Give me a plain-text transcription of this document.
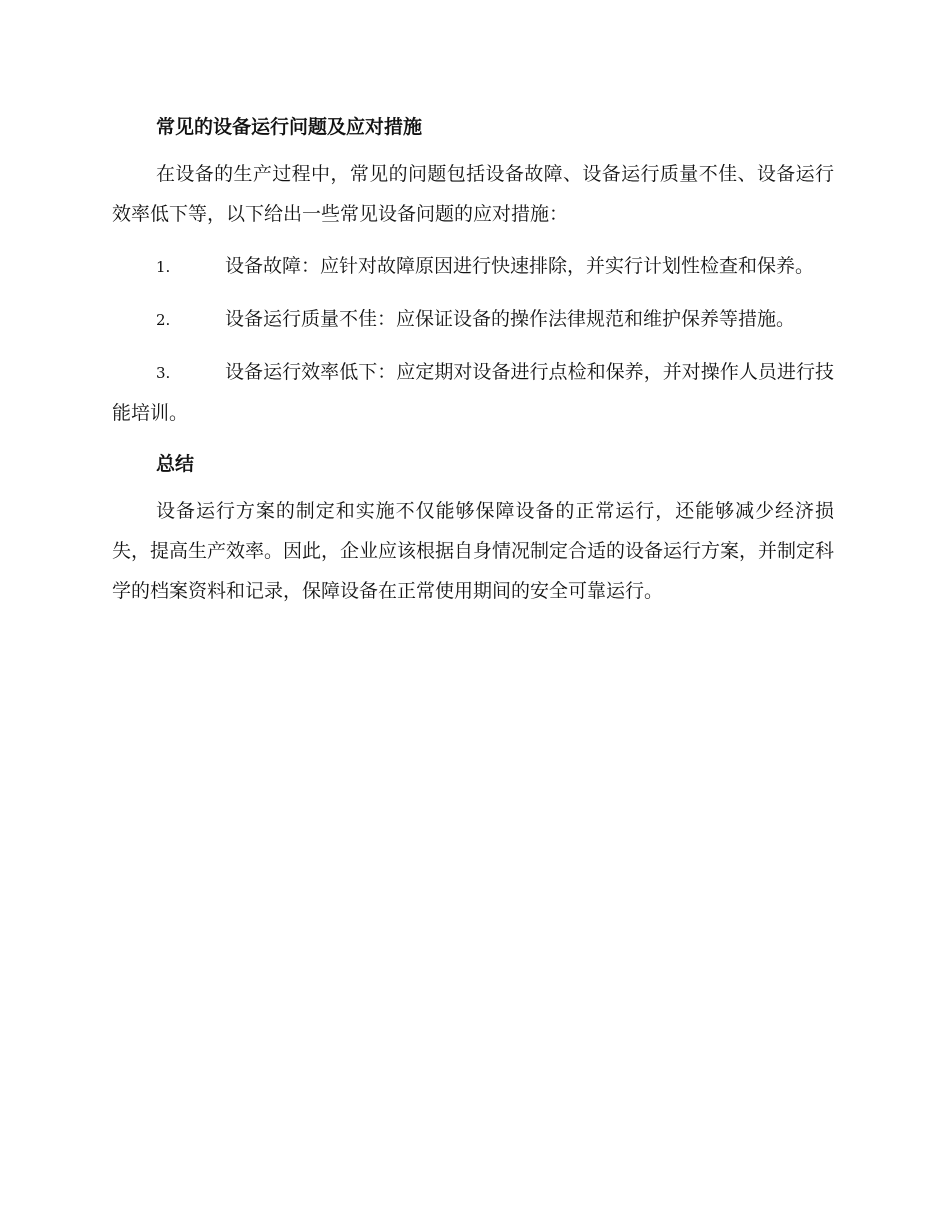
常见的设备运行问题及应对措施

在设备的生产过程中，常见的问题包括设备故障、设备运行质量不佳、设备运行效率低下等，以下给出一些常见设备问题的应对措施：

1.	设备故障：应针对故障原因进行快速排除，并实行计划性检查和保养。
2.	设备运行质量不佳：应保证设备的操作法律规范和维护保养等措施。
3.	设备运行效率低下：应定期对设备进行点检和保养，并对操作人员进行技能培训。
总结

设备运行方案的制定和实施不仅能够保障设备的正常运行，还能够减少经济损失，提高生产效率。因此，企业应该根据自身情况制定合适的设备运行方案，并制定科学的档案资料和记录，保障设备在正常使用期间的安全可靠运行。
